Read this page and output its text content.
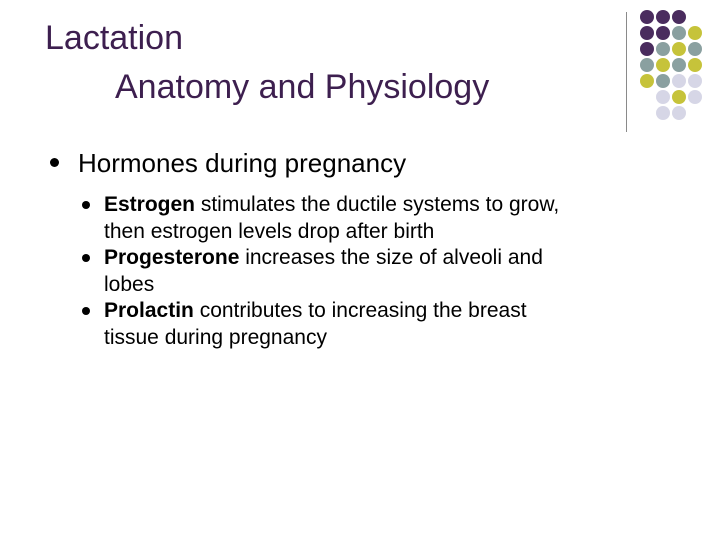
Lactation
Anatomy and Physiology
Hormones during pregnancy
Estrogen stimulates the ductile systems to grow,
then estrogen levels drop after birth
Progesterone increases the size of alveoli and
lobes
Prolactin contributes to increasing the breast
tissue during pregnancy
